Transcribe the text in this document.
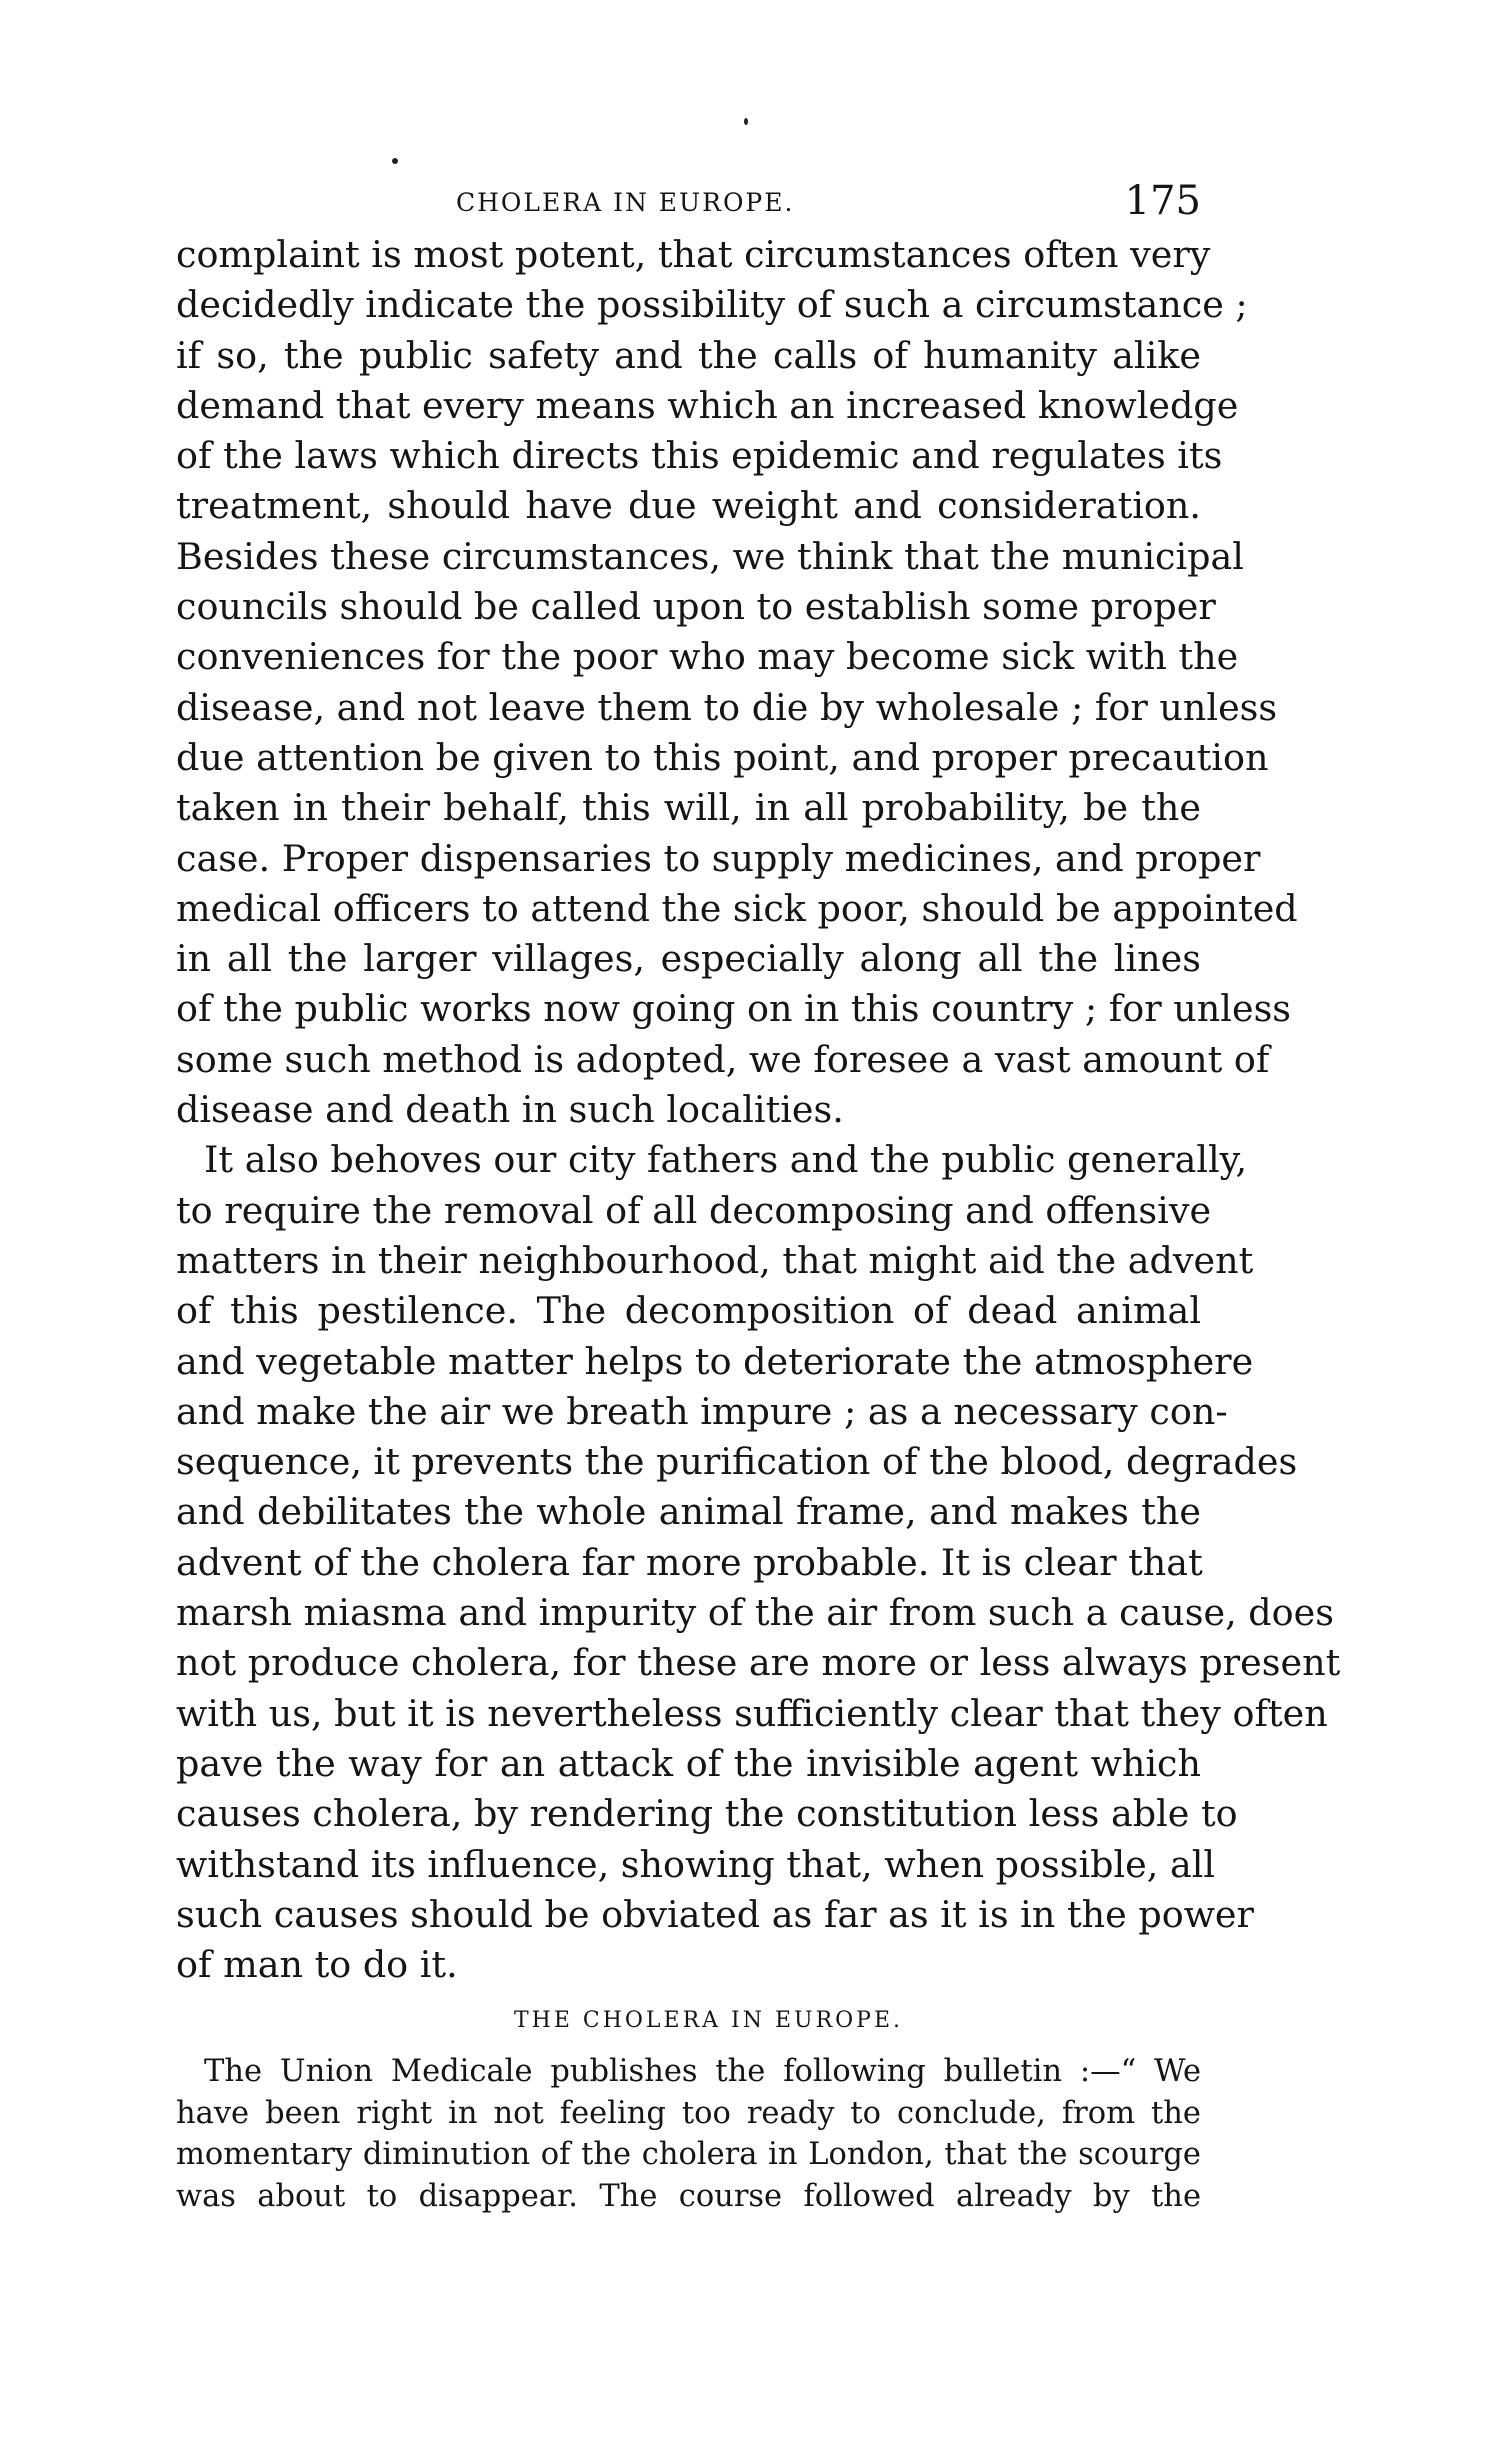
CHOLERA IN EUROPE.	175
complaint is most potent, that circumstances often very
decidedly indicate the possibility of such a circumstance ;
if so, the public safety and the calls of humanity alike
demand that every means which an increased knowledge
of the laws which directs this epidemic and regulates its
treatment, should have due weight and consideration.
Besides these circumstances, we think that the municipal
councils should be called upon to establish some proper
conveniences for the poor who may become sick with the
disease, and not leave them to die by wholesale ; for unless
due attention be given to this point, and proper precaution
taken in their behalf, this will, in all probability, be the
case. Proper dispensaries to supply medicines, and proper
medical officers to attend the sick poor, should be appointed
in all the larger villages, especially along all the lines
of the public works now going on in this country ; for unless
some such method is adopted, we foresee a vast amount of
disease and death in such localities.
It also behoves our city fathers and the public generally,
to require the removal of all decomposing and offensive
matters in their neighbourhood, that might aid the advent
of this pestilence. The decomposition of dead animal
and vegetable matter helps to deteriorate the atmosphere
and make the air we breath impure ; as a necessary con-
sequence, it prevents the purification of the blood, degrades
and debilitates the whole animal frame, and makes the
advent of the cholera far more probable. It is clear that
marsh miasma and impurity of the air from such a cause, does
not produce cholera, for these are more or less always present
with us, but it is nevertheless sufficiently clear that they often
pave the way for an attack of the invisible agent which
causes cholera, by rendering the constitution less able to
withstand its influence, showing that, when possible, all
such causes should be obviated as far as it is in the power
of man to do it.
THE CHOLERA IN EUROPE.
The Union Medicale publishes the following bulletin :—“ We
have been right in not feeling too ready to conclude, from the
momentary diminution of the cholera in London, that the scourge
was about to disappear. The course followed already by the
